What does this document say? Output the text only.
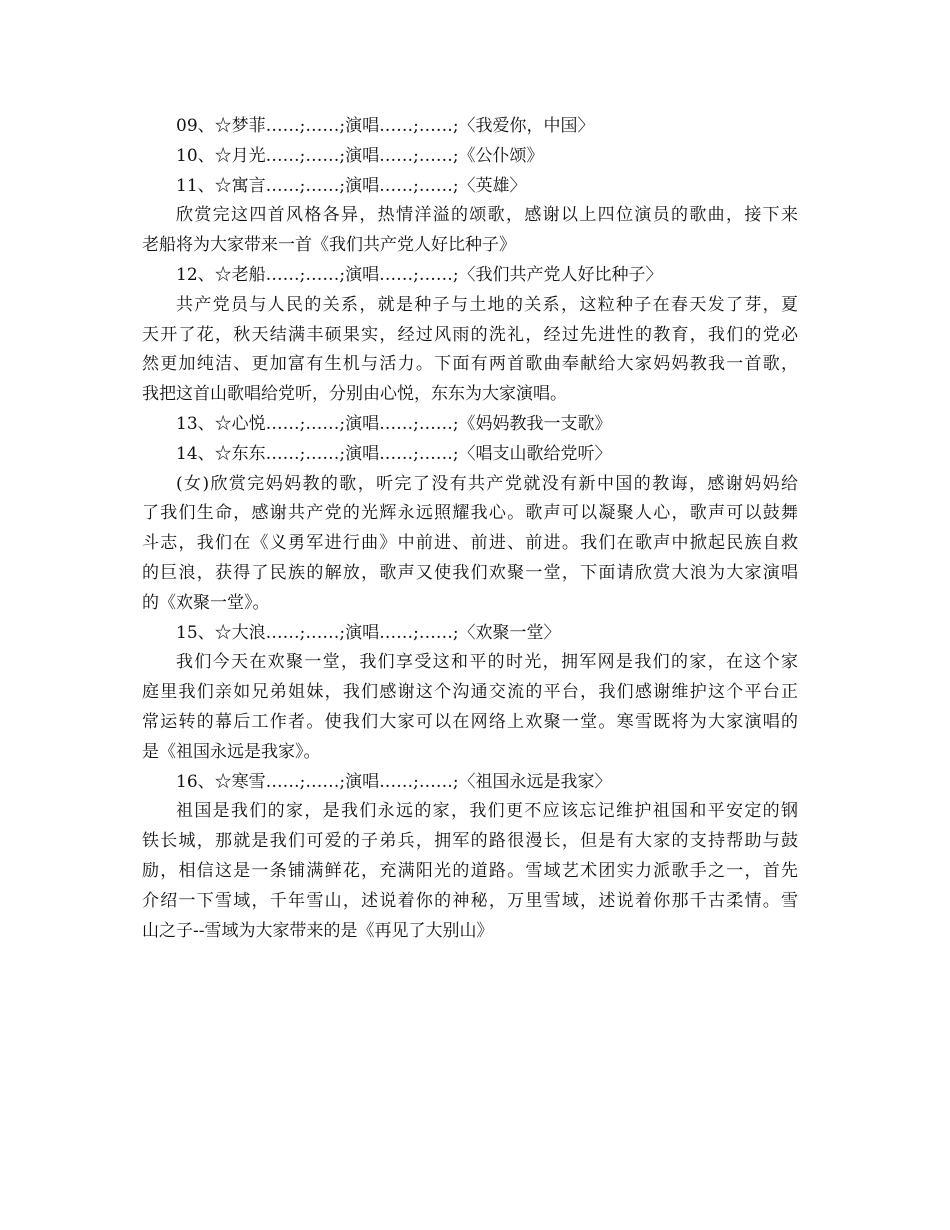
09、☆梦菲……;……;演唱……;……;〈我爱你，中国〉

10、☆月光……;……;演唱……;……;《公仆颂》

11、☆寓言……;……;演唱……;……;〈英雄〉

欣赏完这四首风格各异，热情洋溢的颂歌，感谢以上四位演员的歌曲，接下来

老船将为大家带来一首《我们共产党人好比种子》

12、☆老船……;……;演唱……;……;〈我们共产党人好比种子〉

共产党员与人民的关系，就是种子与土地的关系，这粒种子在春天发了芽，夏

天开了花，秋天结满丰硕果实，经过风雨的洗礼，经过先进性的教育，我们的党必

然更加纯洁、更加富有生机与活力。下面有两首歌曲奉献给大家妈妈教我一首歌，

我把这首山歌唱给党听，分别由心悦，东东为大家演唱。

13、☆心悦……;……;演唱……;……;《妈妈教我一支歌》

14、☆东东……;……;演唱……;……;〈唱支山歌给党听〉

(女)欣赏完妈妈教的歌，听完了没有共产党就没有新中国的教诲，感谢妈妈给

了我们生命，感谢共产党的光辉永远照耀我心。歌声可以凝聚人心，歌声可以鼓舞

斗志，我们在《义勇军进行曲》中前进、前进、前进。我们在歌声中掀起民族自救

的巨浪，获得了民族的解放，歌声又使我们欢聚一堂，下面请欣赏大浪为大家演唱

的《欢聚一堂》。

15、☆大浪……;……;演唱……;……;〈欢聚一堂〉

我们今天在欢聚一堂，我们享受这和平的时光，拥军网是我们的家，在这个家

庭里我们亲如兄弟姐妹，我们感谢这个沟通交流的平台，我们感谢维护这个平台正

常运转的幕后工作者。使我们大家可以在网络上欢聚一堂。寒雪既将为大家演唱的

是《祖国永远是我家》。

16、☆寒雪……;……;演唱……;……;〈祖国永远是我家〉

祖国是我们的家，是我们永远的家，我们更不应该忘记维护祖国和平安定的钢

铁长城，那就是我们可爱的子弟兵，拥军的路很漫长，但是有大家的支持帮助与鼓

励，相信这是一条铺满鲜花，充满阳光的道路。雪域艺术团实力派歌手之一，首先

介绍一下雪域，千年雪山，述说着你的神秘，万里雪域，述说着你那千古柔情。雪

山之子--雪域为大家带来的是《再见了大别山》
